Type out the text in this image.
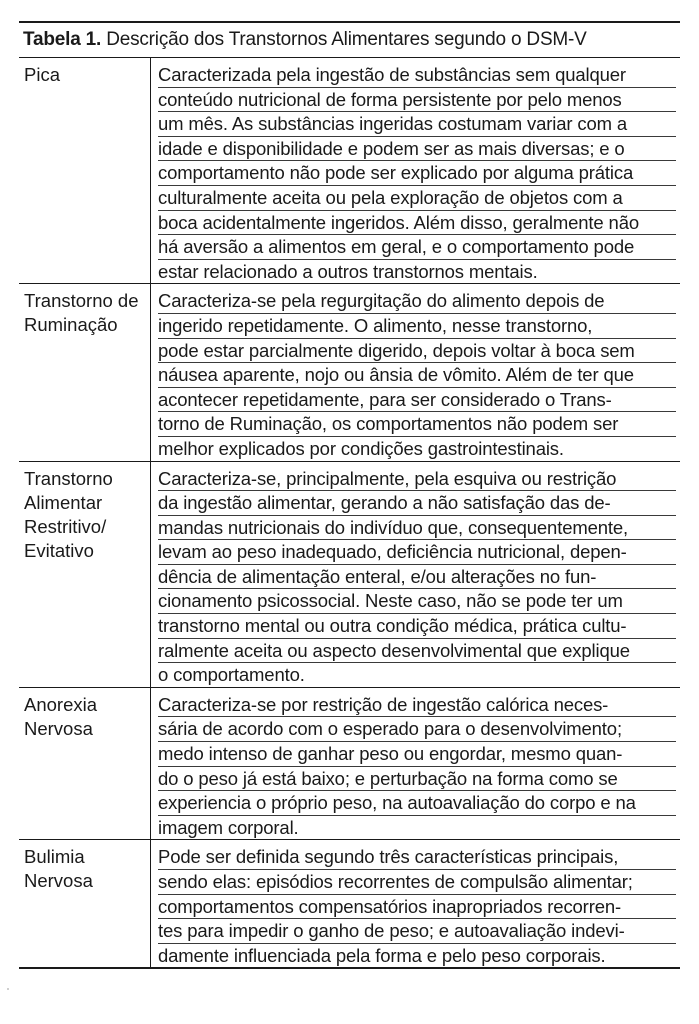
Tabela 1. Descrição dos Transtornos Alimentares segundo o DSM-V
Pica	Caracterizada pela ingestão de substâncias sem qualquer
conteúdo nutricional de forma persistente por pelo menos
um mês. As substâncias ingeridas costumam variar com a
idade e disponibilidade e podem ser as mais diversas; e o
comportamento não pode ser explicado por alguma prática
culturalmente aceita ou pela exploração de objetos com a
boca acidentalmente ingeridos. Além disso, geralmente não
há aversão a alimentos em geral, e o comportamento pode
estar relacionado a outros transtornos mentais.
Transtorno de
Ruminação
Caracteriza-se pela regurgitação do alimento depois de
ingerido repetidamente. O alimento, nesse transtorno,
pode estar parcialmente digerido, depois voltar à boca sem
náusea aparente, nojo ou ânsia de vômito. Além de ter que
acontecer repetidamente, para ser considerado o Trans-
torno de Ruminação, os comportamentos não podem ser
melhor explicados por condições gastrointestinais.
Transtorno
Alimentar
Restritivo/
Evitativo
Caracteriza-se, principalmente, pela esquiva ou restrição
da ingestão alimentar, gerando a não satisfação das de-
mandas nutricionais do indivíduo que, consequentemente,
levam ao peso inadequado, deficiência nutricional, depen-
dência de alimentação enteral, e/ou alterações no fun-
cionamento psicossocial. Neste caso, não se pode ter um
transtorno mental ou outra condição médica, prática cultu-
ralmente aceita ou aspecto desenvolvimental que explique
o comportamento.
Anorexia
Nervosa
Caracteriza-se por restrição de ingestão calórica neces-
sária de acordo com o esperado para o desenvolvimento;
medo intenso de ganhar peso ou engordar, mesmo quan-
do o peso já está baixo; e perturbação na forma como se
experiencia o próprio peso, na autoavaliação do corpo e na
imagem corporal.
Bulimia
Nervosa
Pode ser definida segundo três características principais,
sendo elas: episódios recorrentes de compulsão alimentar;
comportamentos compensatórios inapropriados recorren-
tes para impedir o ganho de peso; e autoavaliação indevi-
damente influenciada pela forma e pelo peso corporais.
